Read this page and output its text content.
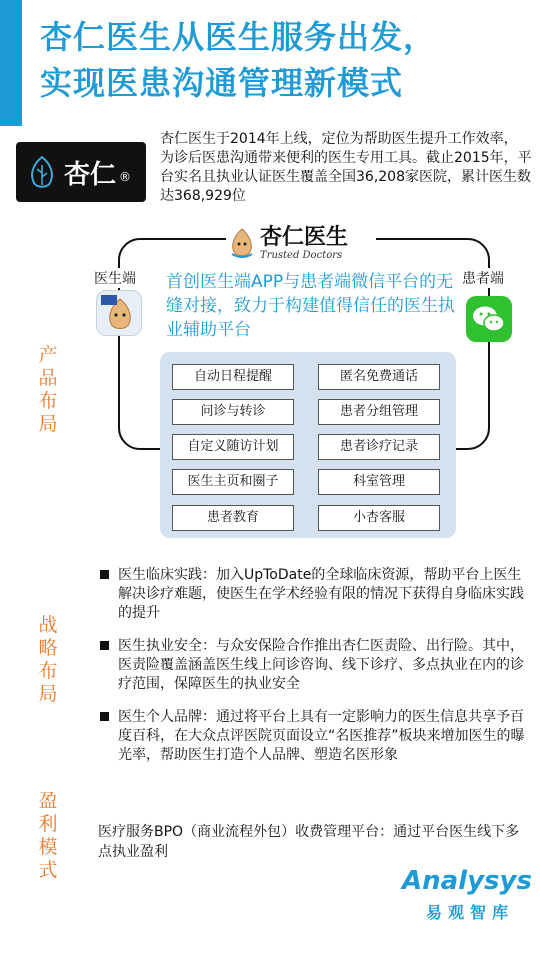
杏仁医生从医生服务出发，
实现医患沟通管理新模式
杏仁 ®
杏仁医生于2014年上线，定位为帮助医生提升工作效率， 为诊后医患沟通带来便利的医生专用工具。截止2015年，平台实名且执业认证医生覆盖全国36,208家医院，累计医生数达368,929位
杏仁医生
Trusted Doctors
医生端	患者端
首创医生端APP与患者端微信平台的无缝对接，致力于构建值得信任的医生执业辅助平台
自动日程提醒	匿名免费通话
问诊与转诊	患者分组管理
自定义随访计划	患者诊疗记录
医生主页和圈子	科室管理
患者教育	小杏客服
产品布局
战略布局
盈利模式
医生临床实践：加入UpToDate的全球临床资源，帮助平台上医生解决诊疗难题，使医生在学术经验有限的情况下获得自身临床实践的提升
医生执业安全：与众安保险合作推出杏仁医责险、出行险。其中，医责险覆盖涵盖医生线上问诊咨询、线下诊疗、多点执业在内的诊疗范围，保障医生的执业安全
医生个人品牌：通过将平台上具有一定影响力的医生信息共享予百度百科，在大众点评医院页面设立“名医推荐”板块来增加医生的曝光率，帮助医生打造个人品牌、塑造名医形象
医疗服务BPO（商业流程外包）收费管理平台：通过平台医生线下多点执业盈利
Analysys
易观智库
